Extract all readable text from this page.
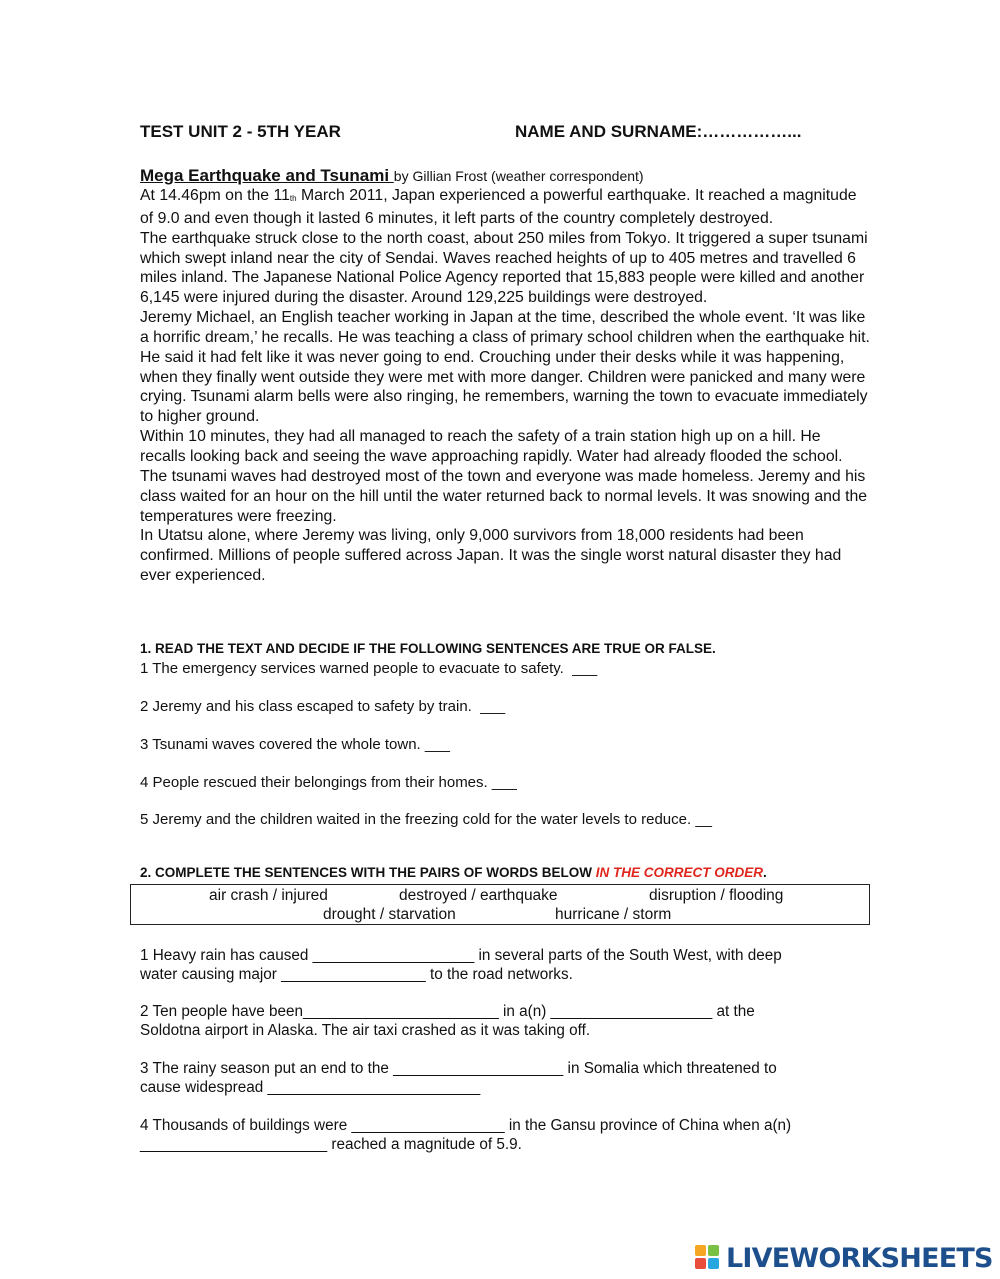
TEST UNIT 2 - 5TH YEAR	NAME AND SURNAME:……………...
Mega Earthquake and Tsunami by Gillian Frost (weather correspondent)

At 14.46pm on the $11_{th}$ March 2011, Japan experienced a powerful earthquake. It reached a magnitude of 9.0 and even though it lasted 6 minutes, it left parts of the country completely destroyed.

The earthquake struck close to the north coast, about 250 miles from Tokyo. It triggered a super tsunami which swept inland near the city of Sendai. Waves reached heights of up to 405 metres and travelled 6 miles inland. The Japanese National Police Agency reported that 15,883 people were killed and another 6,145 were injured during the disaster. Around 129,225 buildings were destroyed.

Jeremy Michael, an English teacher working in Japan at the time, described the whole event. ‘It was like a horrific dream,’ he recalls. He was teaching a class of primary school children when the earthquake hit. He said it had felt like it was never going to end. Crouching under their desks while it was happening, when they finally went outside they were met with more danger. Children were panicked and many were crying. Tsunami alarm bells were also ringing, he remembers, warning the town to evacuate immediately to higher ground.

Within 10 minutes, they had all managed to reach the safety of a train station high up on a hill. He recalls looking back and seeing the wave approaching rapidly. Water had already flooded the school. The tsunami waves had destroyed most of the town and everyone was made homeless. Jeremy and his class waited for an hour on the hill until the water returned back to normal levels. It was snowing and the temperatures were freezing.

In Utatsu alone, where Jeremy was living, only 9,000 survivors from 18,000 residents had been confirmed. Millions of people suffered across Japan. It was the single worst natural disaster they had ever experienced.

1. READ THE TEXT AND DECIDE IF THE FOLLOWING SENTENCES ARE TRUE OR FALSE.
1 The emergency services warned people to evacuate to safety. ___
2 Jeremy and his class escaped to safety by train. ___
3 Tsunami waves covered the whole town. ___
4 People rescued their belongings from their homes. ___
5 Jeremy and the children waited in the freezing cold for the water levels to reduce. __
2. COMPLETE THE SENTENCES WITH THE PAIRS OF WORDS BELOW IN THE CORRECT ORDER.
air crash / injured	destroyed / earthquake	disruption / flooding
drought / starvation	hurricane / storm

1 Heavy rain has caused ___________________ in several parts of the South West, with deep

water causing major _________________ to the road networks.

2 Ten people have been_______________________ in a(n) ___________________ at the

Soldotna airport in Alaska. The air taxi crashed as it was taking off.

3 The rainy season put an end to the ____________________ in Somalia which threatened to

cause widespread _________________________

4 Thousands of buildings were __________________ in the Gansu province of China when a(n)

______________________ reached a magnitude of 5.9.

LIVEWORKSHEETS
